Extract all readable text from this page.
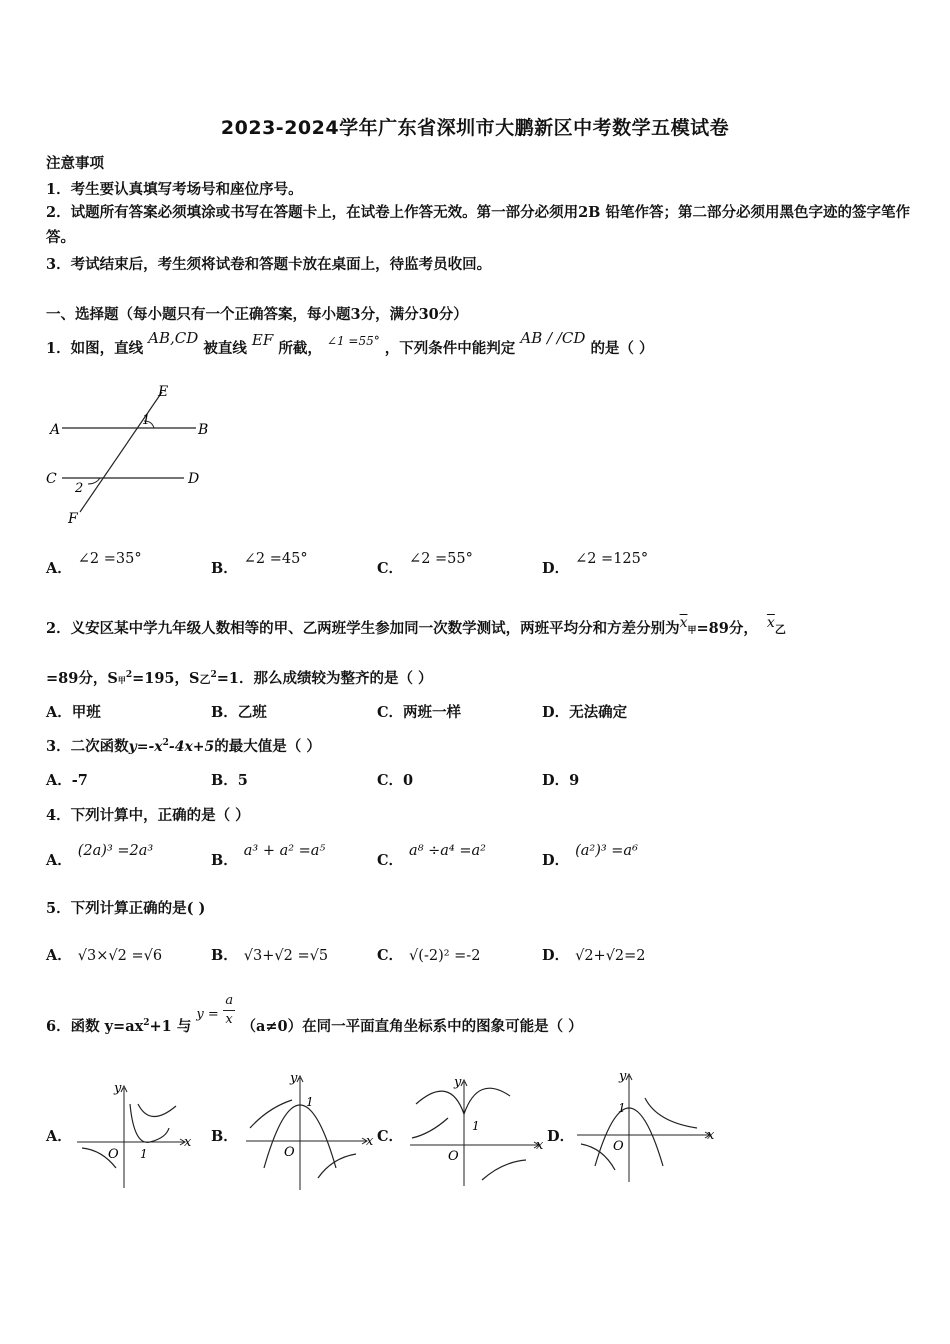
2023-2024学年广东省深圳市大鹏新区中考数学五模试卷
注意事项
1．考生要认真填写考场号和座位序号。
2．试题所有答案必须填涂或书写在答题卡上，在试卷上作答无效。第一部分必须用2B 铅笔作答；第二部分必须用黑色字迹的签字笔作答。
3．考试结束后，考生须将试卷和答题卡放在桌面上，待监考员收回。
一、选择题（每小题只有一个正确答案，每小题3分，满分30分）
1．如图，直线 AB,CD 被直线 EF 所截， $^{\angle 1 =55^\circ}$ ，下列条件中能判定 AB / /CD 的是（ ）
E
A	B
1
C	D
2
F
A．∠2 =35°
B．∠2 =45°
C．∠2 =55°
D．∠2 =125°
2．义安区某中学九年级人数相等的甲、乙两班学生参加同一次数学测试，两班平均分和方差分别为$\overline{x}$甲=89分， $\overline{x}$乙
=89分，S甲$^2$=195，S乙$^2$=1．那么成绩较为整齐的是（ ）
A．甲班	B．乙班	C．两班一样	D．无法确定
3．二次函数$y=-x^2-4x+5$的最大值是（ ）
A．-7	B．5	C．0	D．9
4．下列计算中，正确的是（ ）
A．(2a)³ =2a³
B．a³ + a² =a⁵
C．a⁸ ÷a⁴ =a²
D．(a²)³ =a⁶
5．下列计算正确的是( )
A． √3×√2 =√6	B． √3+√2 =√5	C． √(-2)² =-2	D． √2+√2=2
6．函数 $y=ax^2+1$ 与
y =
a
x （a≠0）在同一平面直角坐标系中的图象可能是（ ）
A．
y
x
O 1
B．
y
x
O
1
C．
y
x
O
1
D．
y
x
O
1
